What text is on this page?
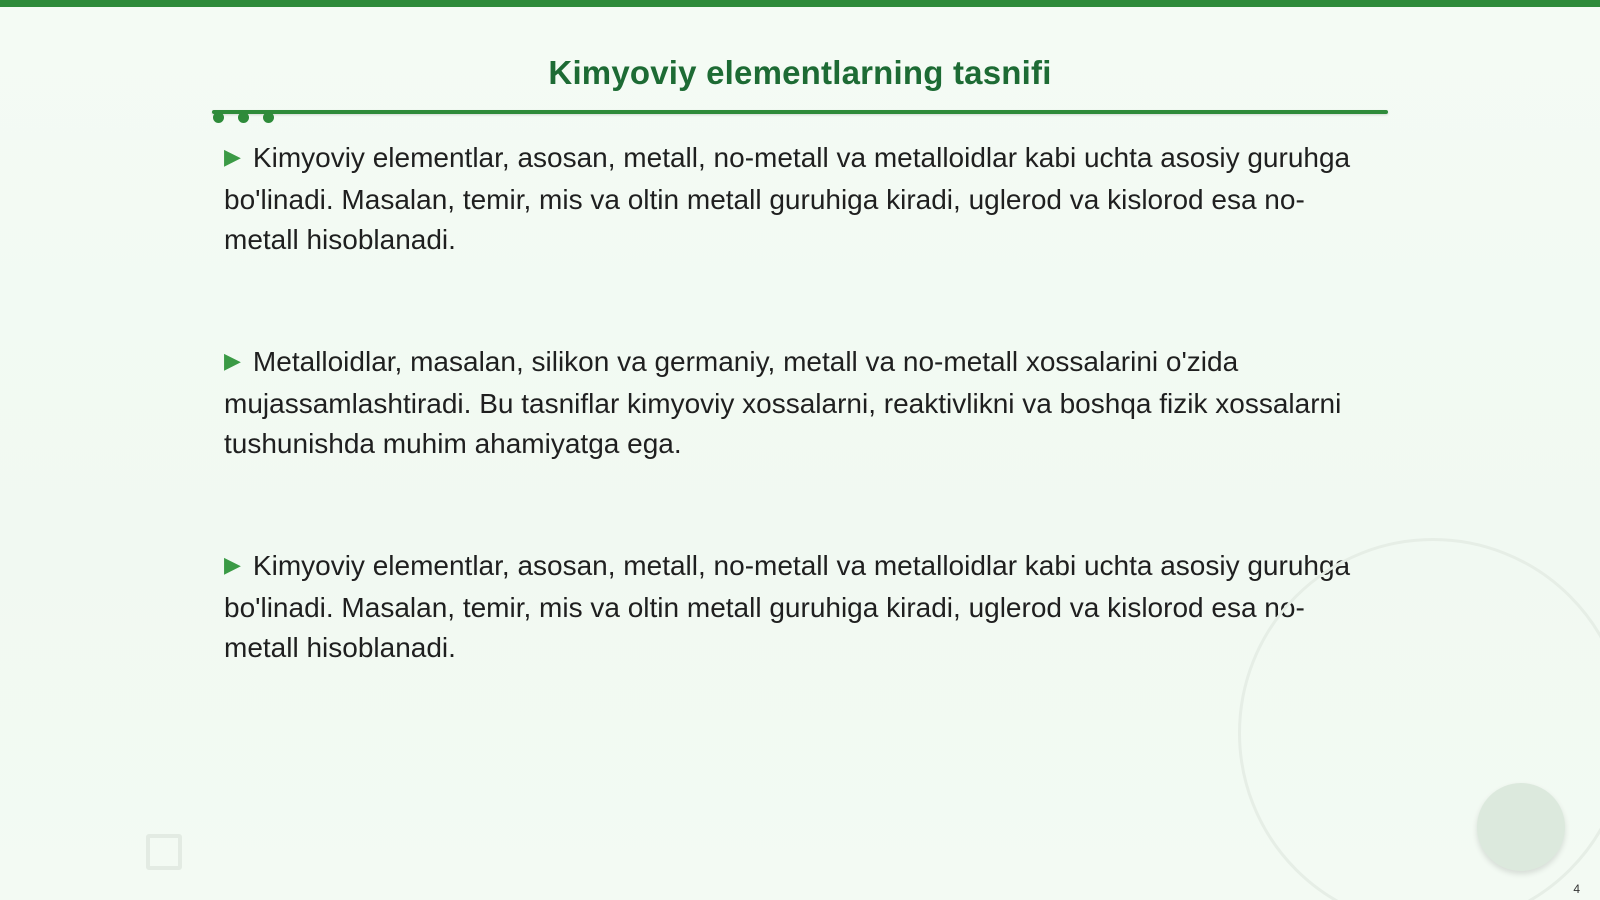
Kimyoviy elementlarning tasnifi

▶ Kimyoviy elementlar, asosan, metall, no-metall va metalloidlar kabi uchta asosiy guruhga bo'linadi. Masalan, temir, mis va oltin metall guruhiga kiradi, uglerod va kislorod esa no-metall hisoblanadi.

▶ Metalloidlar, masalan, silikon va germaniy, metall va no-metall xossalarini o'zida mujassamlashtiradi. Bu tasniflar kimyoviy xossalarni, reaktivlikni va boshqa fizik xossalarni tushunishda muhim ahamiyatga ega.

▶ Kimyoviy elementlar, asosan, metall, no-metall va metalloidlar kabi uchta asosiy guruhga bo'linadi. Masalan, temir, mis va oltin metall guruhiga kiradi, uglerod va kislorod esa no-metall hisoblanadi.

4
